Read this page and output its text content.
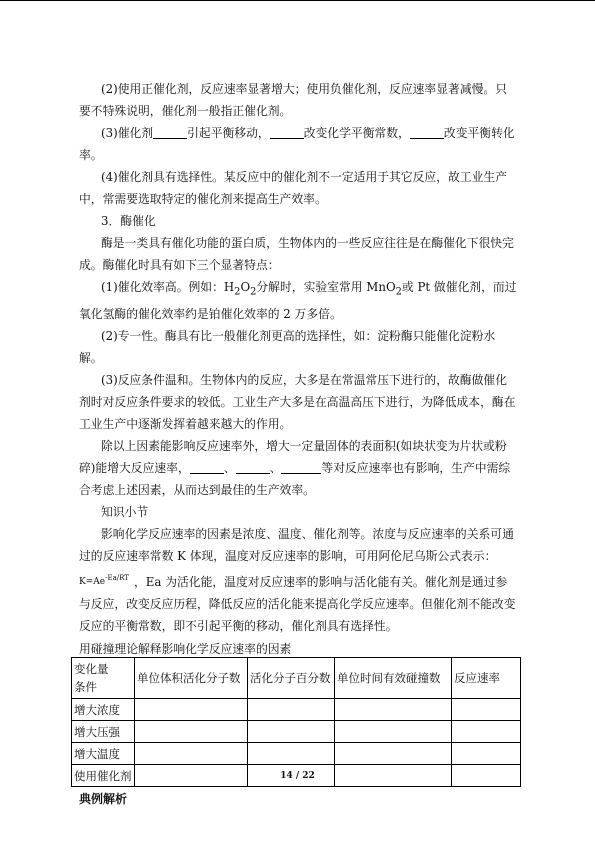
(2)使用正催化剂，反应速率显著增大；使用负催化剂，反应速率显著减慢。只要不特殊说明，催化剂一般指正催化剂。

(3)催化剂	引起平衡移动，	改变化学平衡常数，	改变平衡转化率。

(4)催化剂具有选择性。某反应中的催化剂不一定适用于其它反应，故工业生产中，常需要选取特定的催化剂来提高生产效率。

3．酶催化

酶是一类具有催化功能的蛋白质，生物体内的一些反应往往是在酶催化下很快完成。酶催化时具有如下三个显著特点：

(1)催化效率高。例如：$H_2O_2$分解时，实验室常用 MnO$_2$或 Pt 做催化剂，而过氧化氢酶的催化效率约是铂催化效率的 2 万多倍。

(2)专一性。酶具有比一般催化剂更高的选择性，如：淀粉酶只能催化淀粉水解。

(3)反应条件温和。生物体内的反应，大多是在常温常压下进行的，故酶做催化剂时对反应条件要求的较低。工业生产大多是在高温高压下进行，为降低成本，酶在工业生产中逐渐发挥着越来越大的作用。

除以上因素能影响反应速率外，增大一定量固体的表面积(如块状变为片状或粉碎)能增大反应速率，	、	、	等对反应速率也有影响，生产中需综合考虑上述因素，从而达到最佳的生产效率。

知识小节

影响化学反应速率的因素是浓度、温度、催化剂等。浓度与反应速率的关系可通过的反应速率常数 K 体现，温度对反应速率的影响，可用阿伦尼乌斯公式表示：$K=Ae^{-Ea/RT}$ ，Ea 为活化能，温度对反应速率的影响与活化能有关。催化剂是通过参与反应，改变反应历程，降低反应的活化能来提高化学反应速率。但催化剂不能改变反应的平衡常数，即不引起平衡的移动，催化剂具有选择性。

用碰撞理论解释影响化学反应速率的因素
变化量
条件	单位体积活化分子数	活化分子百分数	单位时间有效碰撞数	反应速率
增大浓度				
增大压强				
增大温度				
使用催化剂				

典例解析

14 / 22
